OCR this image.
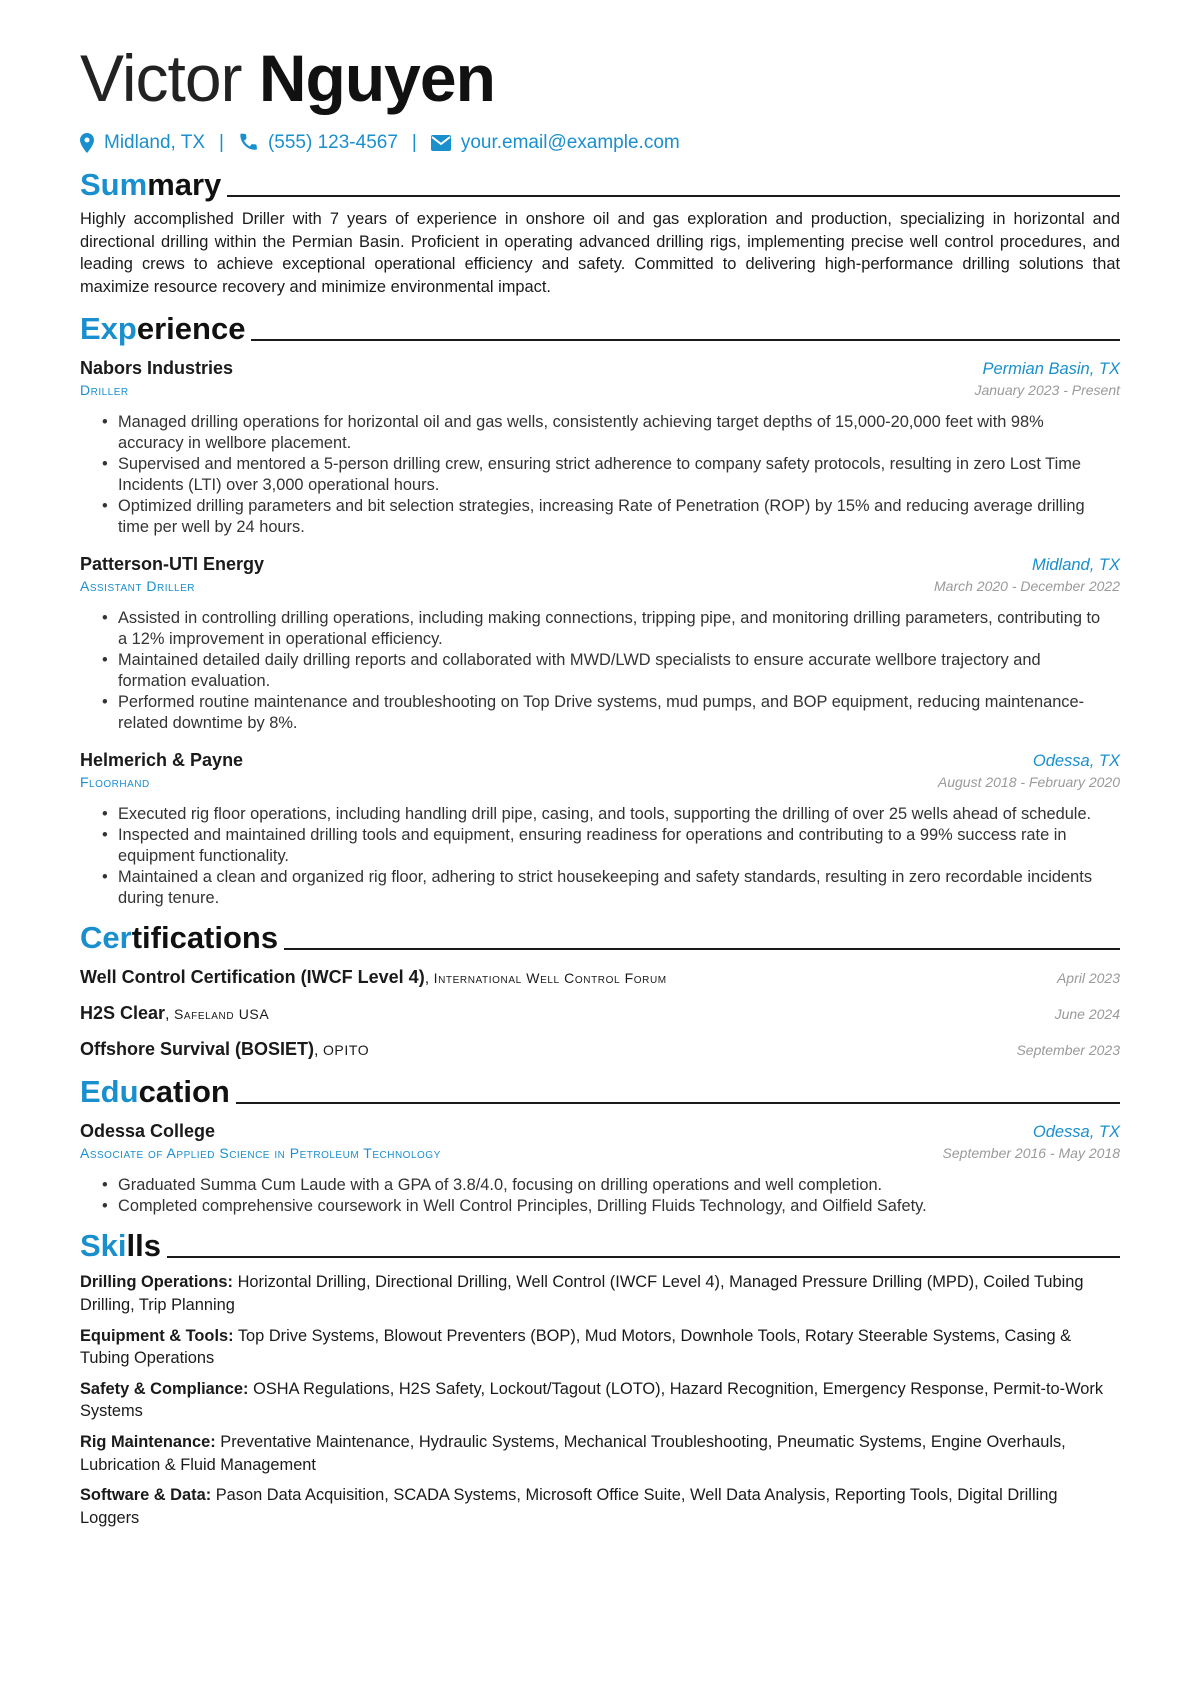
Victor Nguyen
Midland, TX | (555) 123-4567 | your.email@example.com
Summary
Highly accomplished Driller with 7 years of experience in onshore oil and gas exploration and production, specializing in horizontal and directional drilling within the Permian Basin. Proficient in operating advanced drilling rigs, implementing precise well control procedures, and leading crews to achieve exceptional operational efficiency and safety. Committed to delivering high-performance drilling solutions that maximize resource recovery and minimize environmental impact.
Experience
Nabors Industries	Permian Basin, TX
Driller	January 2023 - Present
• Managed drilling operations for horizontal oil and gas wells, consistently achieving target depths of 15,000-20,000 feet with 98% accuracy in wellbore placement.
• Supervised and mentored a 5-person drilling crew, ensuring strict adherence to company safety protocols, resulting in zero Lost Time Incidents (LTI) over 3,000 operational hours.
• Optimized drilling parameters and bit selection strategies, increasing Rate of Penetration (ROP) by 15% and reducing average drilling time per well by 24 hours.
Patterson-UTI Energy	Midland, TX
Assistant Driller	March 2020 - December 2022
• Assisted in controlling drilling operations, including making connections, tripping pipe, and monitoring drilling parameters, contributing to a 12% improvement in operational efficiency.
• Maintained detailed daily drilling reports and collaborated with MWD/LWD specialists to ensure accurate wellbore trajectory and formation evaluation.
• Performed routine maintenance and troubleshooting on Top Drive systems, mud pumps, and BOP equipment, reducing maintenance-related downtime by 8%.
Helmerich & Payne	Odessa, TX
Floorhand	August 2018 - February 2020
• Executed rig floor operations, including handling drill pipe, casing, and tools, supporting the drilling of over 25 wells ahead of schedule.
• Inspected and maintained drilling tools and equipment, ensuring readiness for operations and contributing to a 99% success rate in equipment functionality.
• Maintained a clean and organized rig floor, adhering to strict housekeeping and safety standards, resulting in zero recordable incidents during tenure.
Certifications
Well Control Certification (IWCF Level 4), International Well Control Forum	April 2023
H2S Clear, Safeland USA	June 2024
Offshore Survival (BOSIET), OPITO	September 2023
Education
Odessa College	Odessa, TX
Associate of Applied Science in Petroleum Technology	September 2016 - May 2018
• Graduated Summa Cum Laude with a GPA of 3.8/4.0, focusing on drilling operations and well completion.
• Completed comprehensive coursework in Well Control Principles, Drilling Fluids Technology, and Oilfield Safety.
Skills
Drilling Operations: Horizontal Drilling, Directional Drilling, Well Control (IWCF Level 4), Managed Pressure Drilling (MPD), Coiled Tubing Drilling, Trip Planning
Equipment & Tools: Top Drive Systems, Blowout Preventers (BOP), Mud Motors, Downhole Tools, Rotary Steerable Systems, Casing & Tubing Operations
Safety & Compliance: OSHA Regulations, H2S Safety, Lockout/Tagout (LOTO), Hazard Recognition, Emergency Response, Permit-to-Work Systems
Rig Maintenance: Preventative Maintenance, Hydraulic Systems, Mechanical Troubleshooting, Pneumatic Systems, Engine Overhauls, Lubrication & Fluid Management
Software & Data: Pason Data Acquisition, SCADA Systems, Microsoft Office Suite, Well Data Analysis, Reporting Tools, Digital Drilling Loggers
